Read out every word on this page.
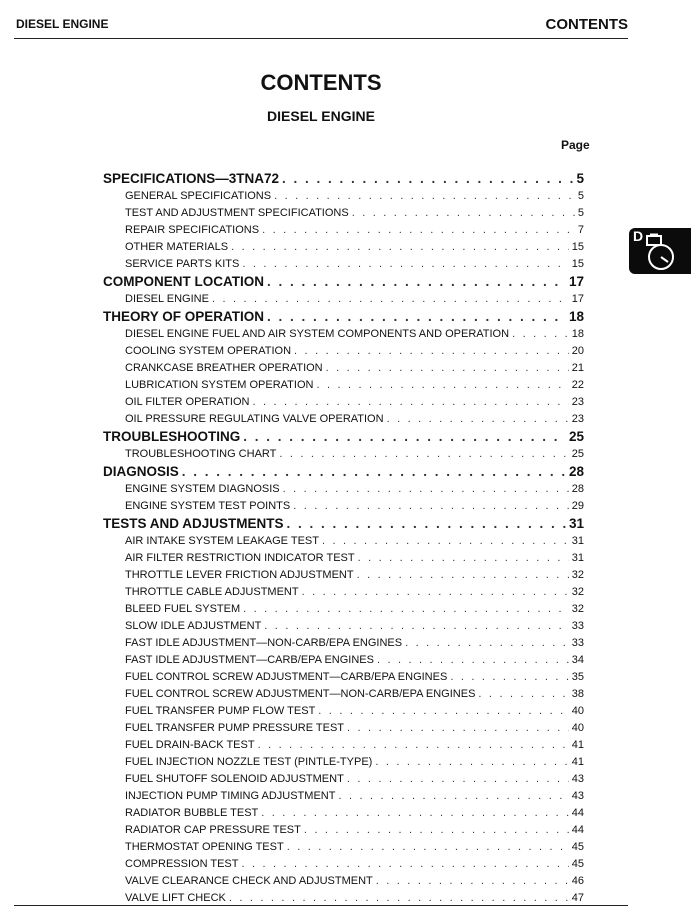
DIESEL ENGINE	CONTENTS
CONTENTS
DIESEL ENGINE
Page
SPECIFICATIONS—3TNA72 . . .	5
GENERAL SPECIFICATIONS . . .	5
TEST AND ADJUSTMENT SPECIFICATIONS . . .	5
REPAIR SPECIFICATIONS . . .	7
OTHER MATERIALS . . .	15
SERVICE PARTS KITS . . .	15
COMPONENT LOCATION . . .	17
DIESEL ENGINE . . .	17
THEORY OF OPERATION . . .	18
DIESEL ENGINE FUEL AND AIR SYSTEM COMPONENTS AND OPERATION . . .	18
COOLING SYSTEM OPERATION . . .	20
CRANKCASE BREATHER OPERATION . . .	21
LUBRICATION SYSTEM OPERATION . . .	22
OIL FILTER OPERATION . . .	23
OIL PRESSURE REGULATING VALVE OPERATION . . .	23
TROUBLESHOOTING . . .	25
TROUBLESHOOTING CHART . . .	25
DIAGNOSIS . . .	28
ENGINE SYSTEM DIAGNOSIS . . .	28
ENGINE SYSTEM TEST POINTS . . .	29
TESTS AND ADJUSTMENTS . . .	31
AIR INTAKE SYSTEM LEAKAGE TEST . . .	31
AIR FILTER RESTRICTION INDICATOR TEST . . .	31
THROTTLE LEVER FRICTION ADJUSTMENT . . .	32
THROTTLE CABLE ADJUSTMENT . . .	32
BLEED FUEL SYSTEM . . .	32
SLOW IDLE ADJUSTMENT . . .	33
FAST IDLE ADJUSTMENT—NON-CARB/EPA ENGINES . . .	33
FAST IDLE ADJUSTMENT—CARB/EPA ENGINES . . .	34
FUEL CONTROL SCREW ADJUSTMENT—CARB/EPA ENGINES . . .	35
FUEL CONTROL SCREW ADJUSTMENT—NON-CARB/EPA ENGINES . . .	38
FUEL TRANSFER PUMP FLOW TEST . . .	40
FUEL TRANSFER PUMP PRESSURE TEST . . .	40
FUEL DRAIN-BACK TEST . . .	41
FUEL INJECTION NOZZLE TEST (PINTLE-TYPE) . . .	41
FUEL SHUTOFF SOLENOID ADJUSTMENT . . .	43
INJECTION PUMP TIMING ADJUSTMENT . . .	43
RADIATOR BUBBLE TEST . . .	44
RADIATOR CAP PRESSURE TEST . . .	44
THERMOSTAT OPENING TEST . . .	45
COMPRESSION TEST . . .	45
VALVE CLEARANCE CHECK AND ADJUSTMENT . . .	46
VALVE LIFT CHECK . . .	47
D
